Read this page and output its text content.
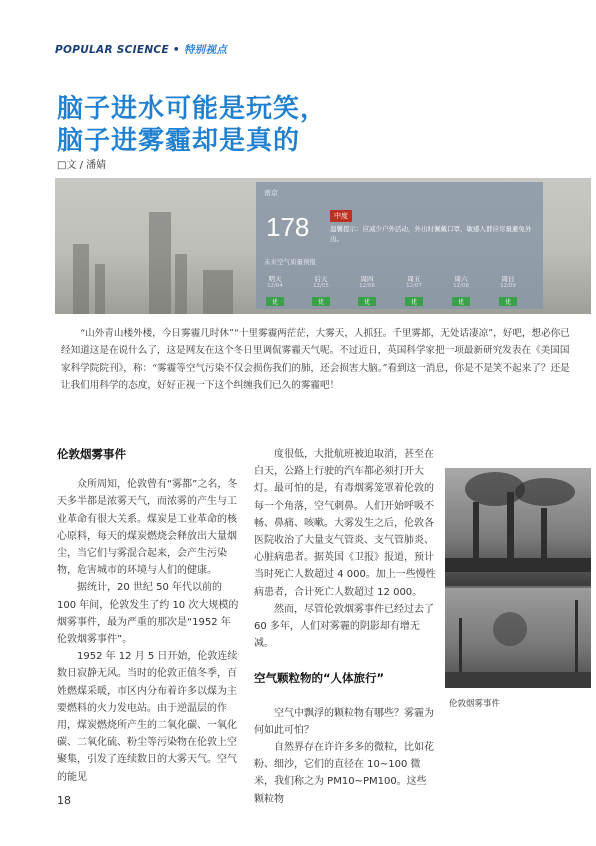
POPULAR SCIENCE • 特别视点
脑子进水可能是玩笑，
脑子进雾霾却是真的
□文 / 潘婧
南京
178	中度
温馨提示：应减少户外活动，外出时佩戴口罩，敏感人群应尽量避免外出。
未来空气质量预报
明天
12/04
优
后天
12/05
优
周四
12/06
优
周五
12/07
优
周六
12/08
优
周日
12/09
优
“山外青山楼外楼，今日雾霾几时休”“十里雾霾两茫茫，大雾天，人抓狂。千里雾都，无处话凄凉”，好吧，想必你已经知道这是在说什么了，这是网友在这个冬日里调侃雾霾天气呢。不过近日，英国科学家把一项最新研究发表在《美国国家科学院院刊》，称：“雾霾等空气污染不仅会损伤我们的肺，还会损害大脑。”看到这一消息，你是不是笑不起来了？还是让我们用科学的态度，好好正视一下这个纠缠我们已久的雾霾吧！
伦敦烟雾事件

众所周知，伦敦曾有“雾都”之名，冬天多半都是浓雾天气，而浓雾的产生与工业革命有很大关系。煤炭是工业革命的核心原料，每天的煤炭燃烧会释放出大量烟尘，当它们与雾混合起来，会产生污染物，危害城市的环境与人们的健康。

据统计，20 世纪 50 年代以前的 100 年间，伦敦发生了约 10 次大规模的烟雾事件，最为严重的那次是“1952 年伦敦烟雾事件”。

1952 年 12 月 5 日开始，伦敦连续数日寂静无风。当时的伦敦正值冬季，百姓燃煤采暖，市区内分布着许多以煤为主要燃料的火力发电站。由于逆温层的作用，煤炭燃烧所产生的二氧化碳、一氧化碳、二氧化硫、粉尘等污染物在伦敦上空聚集，引发了连续数日的大雾天气。空气的能见

度很低，大批航班被迫取消，甚至在白天，公路上行驶的汽车都必须打开大灯。最可怕的是，有毒烟雾笼罩着伦敦的每一个角落，空气刺鼻。人们开始呼吸不畅、鼻痛、咳嗽。大雾发生之后，伦敦各医院收治了大量支气管炎、支气管肺炎、心脏病患者。据英国《卫报》报道，预计当时死亡人数超过 4 000。加上一些慢性病患者，合计死亡人数超过 12 000。

然而，尽管伦敦烟雾事件已经过去了 60 多年，人们对雾霾的阴影却有增无减。

空气颗粒物的“人体旅行”

空气中飘浮的颗粒物有哪些？雾霾为何如此可怕？

自然界存在许许多多的微粒，比如花粉、细沙，它们的直径在 10~100 微米，我们称之为 PM10~PM100。这些颗粒物

伦敦烟雾事件
18
